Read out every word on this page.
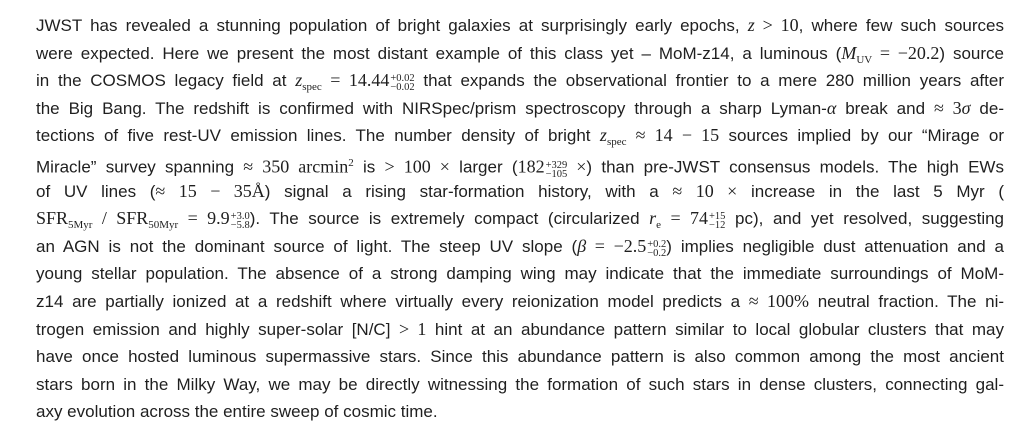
JWST has revealed a stunning population of bright galaxies at surprisingly early epochs, z > 10, where few such sources
were expected. Here we present the most distant example of this class yet – MoM-z14, a luminous $(M_{UV} = -20.2)$ source
in the COSMOS legacy field at $z_{spec} = 14.44 +0.02$
−0.02 that expands the observational frontier to a mere 280 million years after
the Big Bang. The redshift is confirmed with NIRSpec/prism spectroscopy through a sharp Lyman-α break and ≈ 3σ de-
tections of five rest-UV emission lines. The number density of bright $z_{spec} \approx 14 - 15$ sources implied by our “Mirage or
Miracle” survey spanning ≈ 350 arcmin$^2$ is > 100 × larger (182 +329
−105 ×) than pre-JWST consensus models. The high EWs
of UV lines (≈ 15 − 35Å) signal a rising star-formation history, with a ≈ 10 × increase in the last 5 Myr (
$SFR_{5Myr} / SFR_{50Myr} = 9.9 +3.0$
−5.8 ). The source is extremely compact (circularized $r_e = 74 +15$
−12 pc), and yet resolved, suggesting
an AGN is not the dominant source of light. The steep UV slope (β = −2.5 +0.2
−0.2 ) implies negligible dust attenuation and a
young stellar population. The absence of a strong damping wing may indicate that the immediate surroundings of MoM-
z14 are partially ionized at a redshift where virtually every reionization model predicts a ≈ 100% neutral fraction. The ni-
trogen emission and highly super-solar [N/C] > 1 hint at an abundance pattern similar to local globular clusters that may
have once hosted luminous supermassive stars. Since this abundance pattern is also common among the most ancient
stars born in the Milky Way, we may be directly witnessing the formation of such stars in dense clusters, connecting gal-
axy evolution across the entire sweep of cosmic time.
